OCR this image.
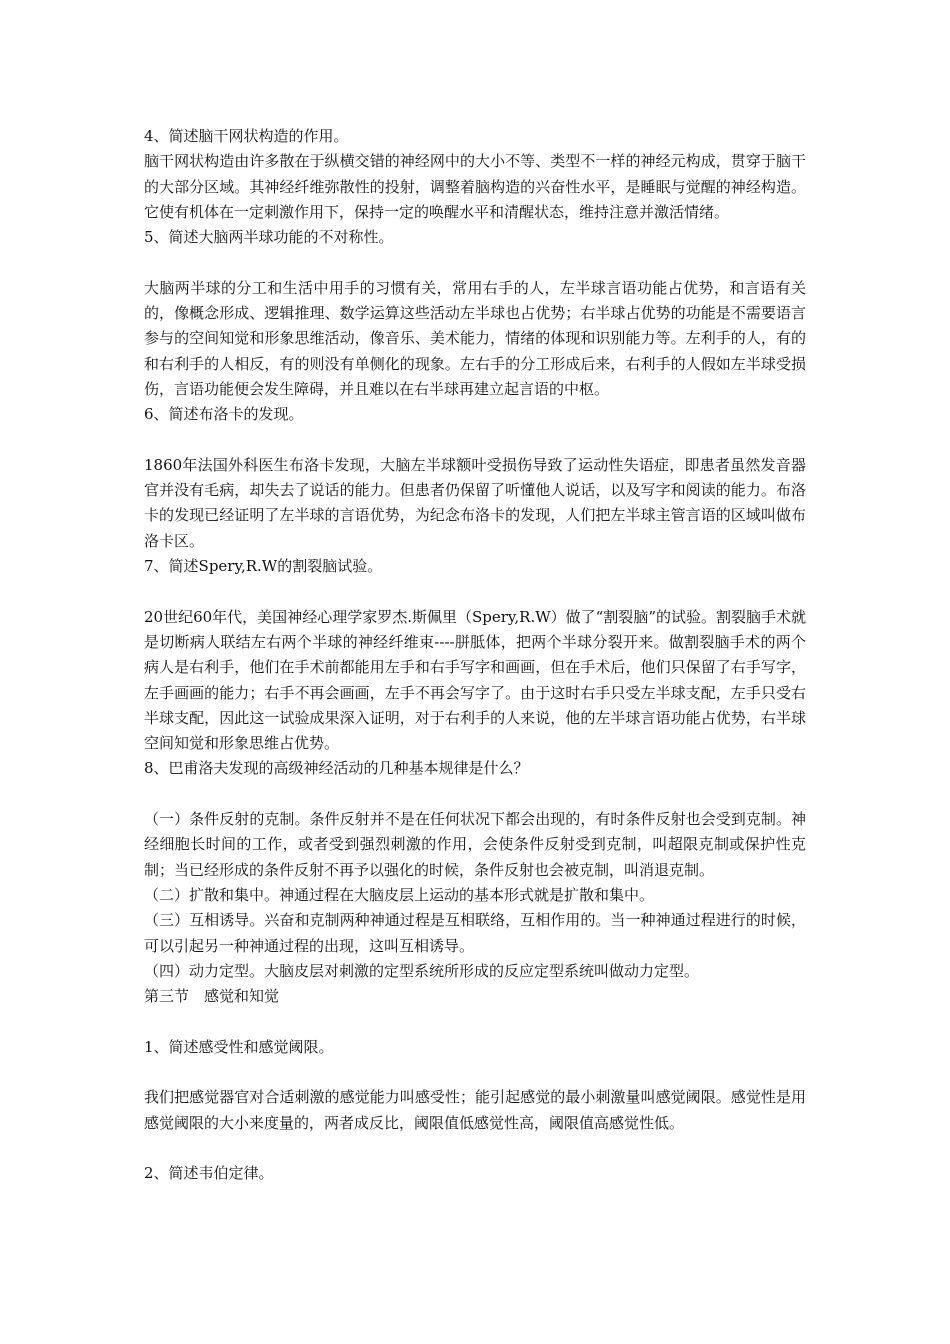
4、简述脑干网状构造的作用。

脑干网状构造由许多散在于纵横交错的神经网中的大小不等、类型不一样的神经元构成，贯穿于脑干的大部分区域。其神经纤维弥散性的投射，调整着脑构造的兴奋性水平，是睡眠与觉醒的神经构造。它使有机体在一定刺激作用下，保持一定的唤醒水平和清醒状态，维持注意并激活情绪。

5、简述大脑两半球功能的不对称性。

大脑两半球的分工和生活中用手的习惯有关，常用右手的人，左半球言语功能占优势，和言语有关的，像概念形成、逻辑推理、数学运算这些活动左半球也占优势；右半球占优势的功能是不需要语言参与的空间知觉和形象思维活动，像音乐、美术能力，情绪的体现和识别能力等。左利手的人，有的和右利手的人相反，有的则没有单侧化的现象。左右手的分工形成后来，右利手的人假如左半球受损伤，言语功能便会发生障碍，并且难以在右半球再建立起言语的中枢。

6、简述布洛卡的发现。

1860年法国外科医生布洛卡发现，大脑左半球额叶受损伤导致了运动性失语症，即患者虽然发音器官并没有毛病，却失去了说话的能力。但患者仍保留了听懂他人说话，以及写字和阅读的能力。布洛卡的发现已经证明了左半球的言语优势，为纪念布洛卡的发现，人们把左半球主管言语的区域叫做布洛卡区。

7、简述Spery,R.W的割裂脑试验。

20世纪60年代，美国神经心理学家罗杰.斯佩里（Spery,R.W）做了“割裂脑”的试验。割裂脑手术就是切断病人联结左右两个半球的神经纤维束----胼胝体，把两个半球分裂开来。做割裂脑手术的两个病人是右利手，他们在手术前都能用左手和右手写字和画画，但在手术后，他们只保留了右手写字，左手画画的能力；右手不再会画画，左手不再会写字了。由于这时右手只受左半球支配，左手只受右半球支配，因此这一试验成果深入证明，对于右利手的人来说，他的左半球言语功能占优势，右半球空间知觉和形象思维占优势。

8、巴甫洛夫发现的高级神经活动的几种基本规律是什么？

（一）条件反射的克制。条件反射并不是在任何状况下都会出现的，有时条件反射也会受到克制。神经细胞长时间的工作，或者受到强烈刺激的作用，会使条件反射受到克制，叫超限克制或保护性克制；当已经形成的条件反射不再予以强化的时候，条件反射也会被克制，叫消退克制。

（二）扩散和集中。神通过程在大脑皮层上运动的基本形式就是扩散和集中。

（三）互相诱导。兴奋和克制两种神通过程是互相联络，互相作用的。当一种神通过程进行的时候，可以引起另一种神通过程的出现，这叫互相诱导。

（四）动力定型。大脑皮层对刺激的定型系统所形成的反应定型系统叫做动力定型。

第三节　感觉和知觉

1、简述感受性和感觉阈限。

我们把感觉器官对合适刺激的感觉能力叫感受性；能引起感觉的最小刺激量叫感觉阈限。感觉性是用感觉阈限的大小来度量的，两者成反比，阈限值低感觉性高，阈限值高感觉性低。

2、简述韦伯定律。
